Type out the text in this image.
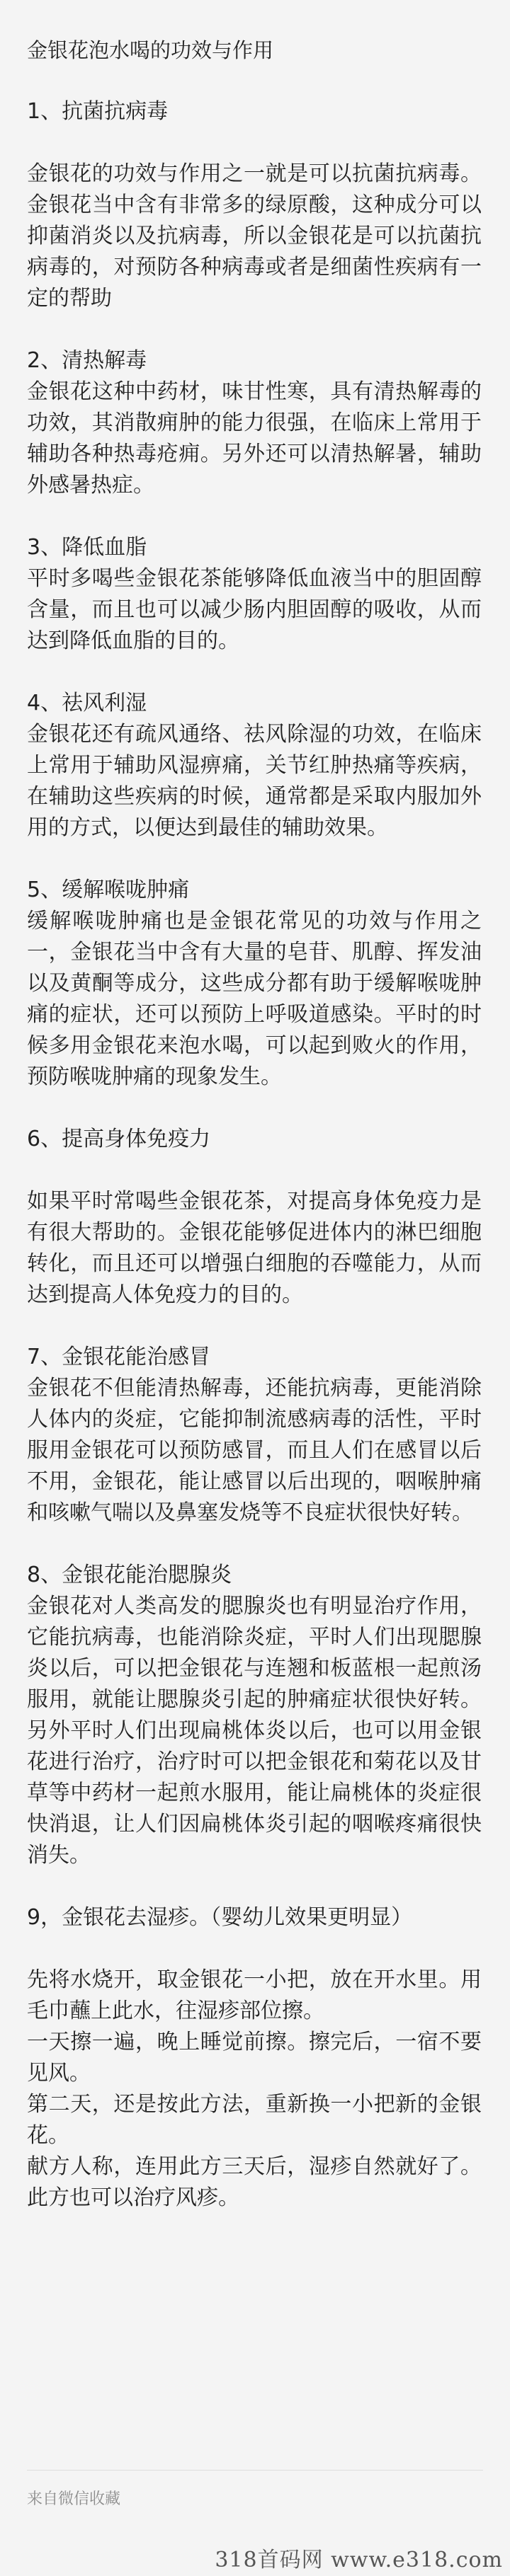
金银花泡水喝的功效与作用

1、抗菌抗病毒

金银花的功效与作用之一就是可以抗菌抗病毒。金银花当中含有非常多的绿原酸，这种成分可以抑菌消炎以及抗病毒，所以金银花是可以抗菌抗病毒的，对预防各种病毒或者是细菌性疾病有一定的帮助

2、清热解毒

金银花这种中药材，味甘性寒，具有清热解毒的功效，其消散痈肿的能力很强，在临床上常用于辅助各种热毒疮痈。另外还可以清热解暑，辅助外感暑热症。

3、降低血脂

平时多喝些金银花茶能够降低血液当中的胆固醇含量，而且也可以减少肠内胆固醇的吸收，从而达到降低血脂的目的。

4、祛风利湿

金银花还有疏风通络、祛风除湿的功效，在临床上常用于辅助风湿痹痛，关节红肿热痛等疾病，在辅助这些疾病的时候，通常都是采取内服加外用的方式，以便达到最佳的辅助效果。

5、缓解喉咙肿痛

缓解喉咙肿痛也是金银花常见的功效与作用之一，金银花当中含有大量的皂苷、肌醇、挥发油以及黄酮等成分，这些成分都有助于缓解喉咙肿痛的症状，还可以预防上呼吸道感染。平时的时候多用金银花来泡水喝，可以起到败火的作用，预防喉咙肿痛的现象发生。

6、提高身体免疫力

如果平时常喝些金银花茶，对提高身体免疫力是有很大帮助的。金银花能够促进体内的淋巴细胞转化，而且还可以增强白细胞的吞噬能力，从而达到提高人体免疫力的目的。

7、金银花能治感冒

金银花不但能清热解毒，还能抗病毒，更能消除人体内的炎症，它能抑制流感病毒的活性，平时服用金银花可以预防感冒，而且人们在感冒以后不用，金银花，能让感冒以后出现的，咽喉肿痛和咳嗽气喘以及鼻塞发烧等不良症状很快好转。

8、金银花能治腮腺炎

金银花对人类高发的腮腺炎也有明显治疗作用，它能抗病毒，也能消除炎症，平时人们出现腮腺炎以后，可以把金银花与连翘和板蓝根一起煎汤服用，就能让腮腺炎引起的肿痛症状很快好转。另外平时人们出现扁桃体炎以后，也可以用金银花进行治疗，治疗时可以把金银花和菊花以及甘草等中药材一起煎水服用，能让扁桃体的炎症很快消退，让人们因扁桃体炎引起的咽喉疼痛很快消失。

9，金银花去湿疹。（婴幼儿效果更明显）

先将水烧开，取金银花一小把，放在开水里。用毛巾蘸上此水，往湿疹部位擦。

一天擦一遍，晚上睡觉前擦。擦完后，一宿不要见风。

第二天，还是按此方法，重新换一小把新的金银花。

献方人称，连用此方三天后，湿疹自然就好了。此方也可以治疗风疹。

来自微信收藏
318首码网 www.e318.com
